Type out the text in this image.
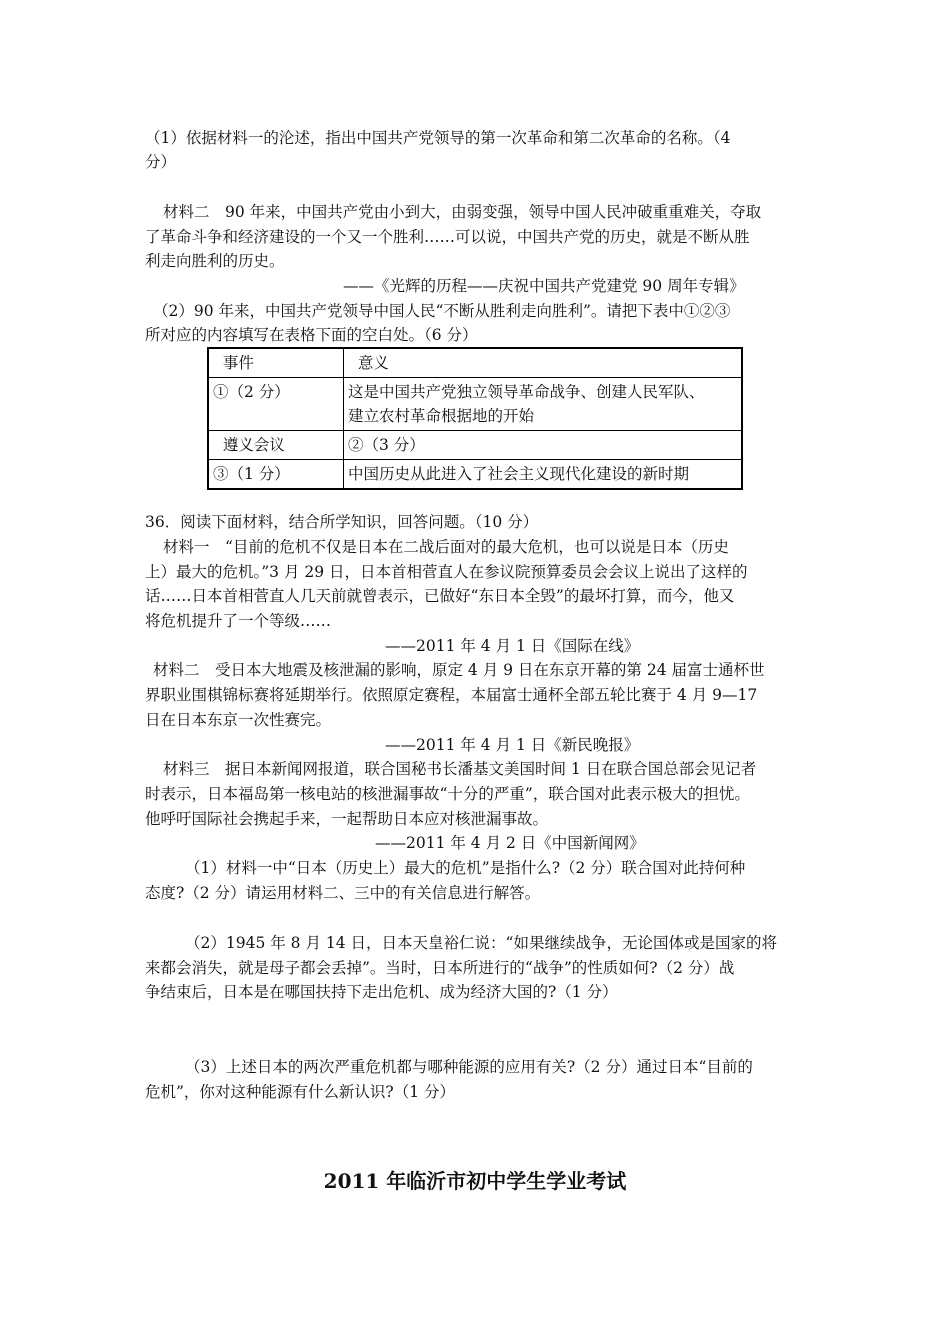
（1）依据材料一的沦述，指出中国共产党领导的第一次革命和第二次革命的名称。（4
分）
材料二　90 年来，中国共产党由小到大，由弱变强，领导中国人民冲破重重难关，夺取
了革命斗争和经济建设的一个又一个胜利……可以说，中国共产党的历史，就是不断从胜
利走向胜利的历史。
——《光辉的历程——庆祝中国共产党建党 90 周年专辑》
（2）90 年来，中国共产党领导中国人民“不断从胜利走向胜利”。请把下表中①②③
所对应的内容填写在表格下面的空白处。（6 分）
事件	意义
①（2 分）	这是中国共产党独立领导革命战争、创建人民军队、
建立农村革命根据地的开始

遵义会议	②（3 分）
③（1 分）	中国历史从此进入了社会主义现代化建设的新时期
36．阅读下面材料，结合所学知识，回答问题。（10 分）
材料一　“目前的危机不仅是日本在二战后面对的最大危机，也可以说是日本（历史
上）最大的危机。”3 月 29 日，日本首相菅直人在参议院预算委员会会议上说出了这样的
话……日本首相菅直人几天前就曾表示，已做好“东日本全毁”的最坏打算，而今，他又
将危机提升了一个等级……
——2011 年 4 月 1 日《国际在线》
材料二　受日本大地震及核泄漏的影响，原定 4 月 9 日在东京开幕的第 24 届富士通杯世
界职业围棋锦标赛将延期举行。依照原定赛程，本届富士通杯全部五轮比赛于 4 月 9—17
日在日本东京一次性赛完。
——2011 年 4 月 1 日《新民晚报》
材料三　据日本新闻网报道，联合国秘书长潘基文美国时间 1 日在联合国总部会见记者
时表示，日本福岛第一核电站的核泄漏事故“十分的严重”，联合国对此表示极大的担忧。
他呼吁国际社会携起手来，一起帮助日本应对核泄漏事故。
——2011 年 4 月 2 日《中国新闻网》
（1）材料一中“日本（历史上）最大的危机”是指什么?（2 分）联合国对此持何种
态度?（2 分）请运用材料二、三中的有关信息进行解答。
（2）1945 年 8 月 14 日，日本天皇裕仁说：“如果继续战争，无论国体或是国家的将
来都会消失，就是母子都会丢掉”。当时，日本所进行的“战争”的性质如何?（2 分）战
争结束后，日本是在哪国扶持下走出危机、成为经济大国的?（1 分）
（3）上述日本的两次严重危机都与哪种能源的应用有关?（2 分）通过日本“目前的
危机”，你对这种能源有什么新认识?（1 分）
2011 年临沂市初中学生学业考试
